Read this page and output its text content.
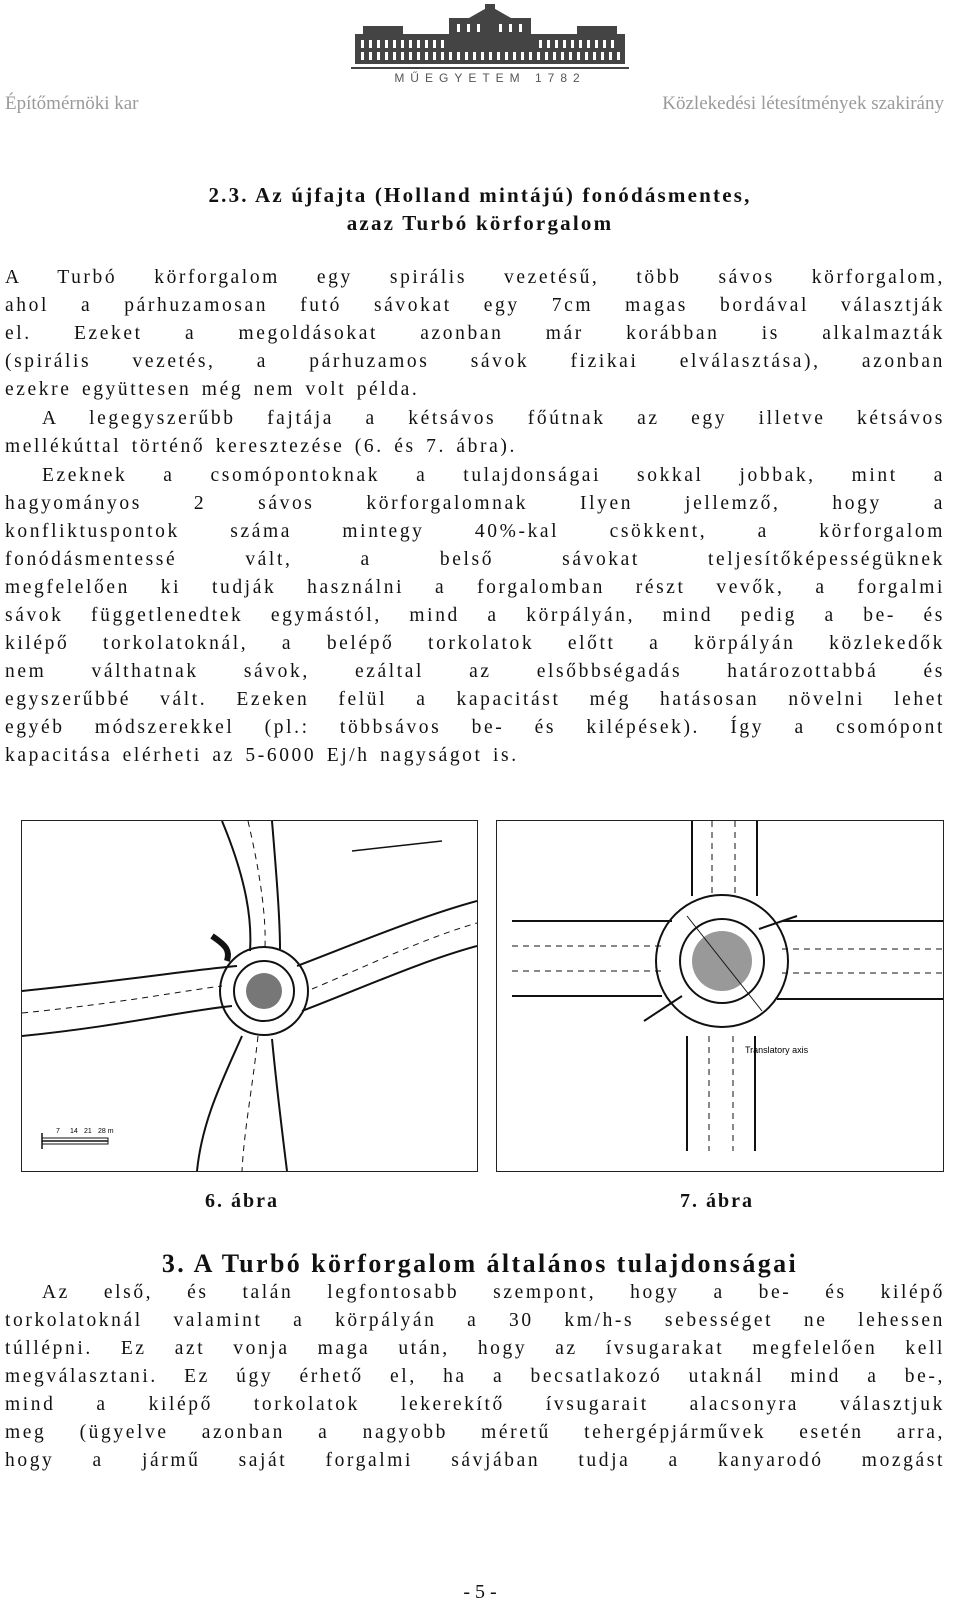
MŰEGYETEM 1782
Építőmérnöki kar	Közlekedési létesítmények szakirány
2.3. Az újfajta (Holland mintájú) fonódásmentes,
azaz Turbó körforgalom

A Turbó körforgalom egy spirális vezetésű, több sávos körforgalom,

ahol a párhuzamosan futó sávokat egy 7cm magas bordával választják

el. Ezeket a megoldásokat azonban már korábban is alkalmazták

(spirális vezetés, a párhuzamos sávok fizikai elválasztása), azonban

ezekre együttesen még nem volt példa.

A legegyszerűbb fajtája a kétsávos főútnak az egy illetve kétsávos

mellékúttal történő keresztezése (6. és 7. ábra).

Ezeknek a csomópontoknak a tulajdonságai sokkal jobbak, mint a

hagyományos 2 sávos körforgalomnak Ilyen jellemző, hogy a

konfliktuspontok száma mintegy 40%-kal csökkent, a körforgalom

fonódásmentessé vált, a belső sávokat teljesítőképességüknek

megfelelően ki tudják használni a forgalomban részt vevők, a forgalmi

sávok függetlenedtek egymástól, mind a körpályán, mind pedig a be- és

kilépő torkolatoknál, a belépő torkolatok előtt a körpályán közlekedők

nem válthatnak sávok, ezáltal az elsőbbségadás határozottabbá és

egyszerűbbé vált. Ezeken felül a kapacitást még hatásosan növelni lehet

egyéb módszerekkel (pl.: többsávos be- és kilépések). Így a csomópont

kapacitása elérheti az 5-6000 Ej/h nagyságot is.

7 14 21 28 m
Translatory axis
6. ábra	7. ábra
3. A Turbó körforgalom általános tulajdonságai

Az első, és talán legfontosabb szempont, hogy a be- és kilépő

torkolatoknál valamint a körpályán a 30 km/h-s sebességet ne lehessen

túllépni. Ez azt vonja maga után, hogy az ívsugarakat megfelelően kell

megválasztani. Ez úgy érhető el, ha a becsatlakozó utaknál mind a be-,

mind a kilépő torkolatok lekerekítő ívsugarait alacsonyra választjuk

meg (ügyelve azonban a nagyobb méretű tehergépjárművek esetén arra,

hogy a jármű saját forgalmi sávjában tudja a kanyarodó mozgást

- 5 -
